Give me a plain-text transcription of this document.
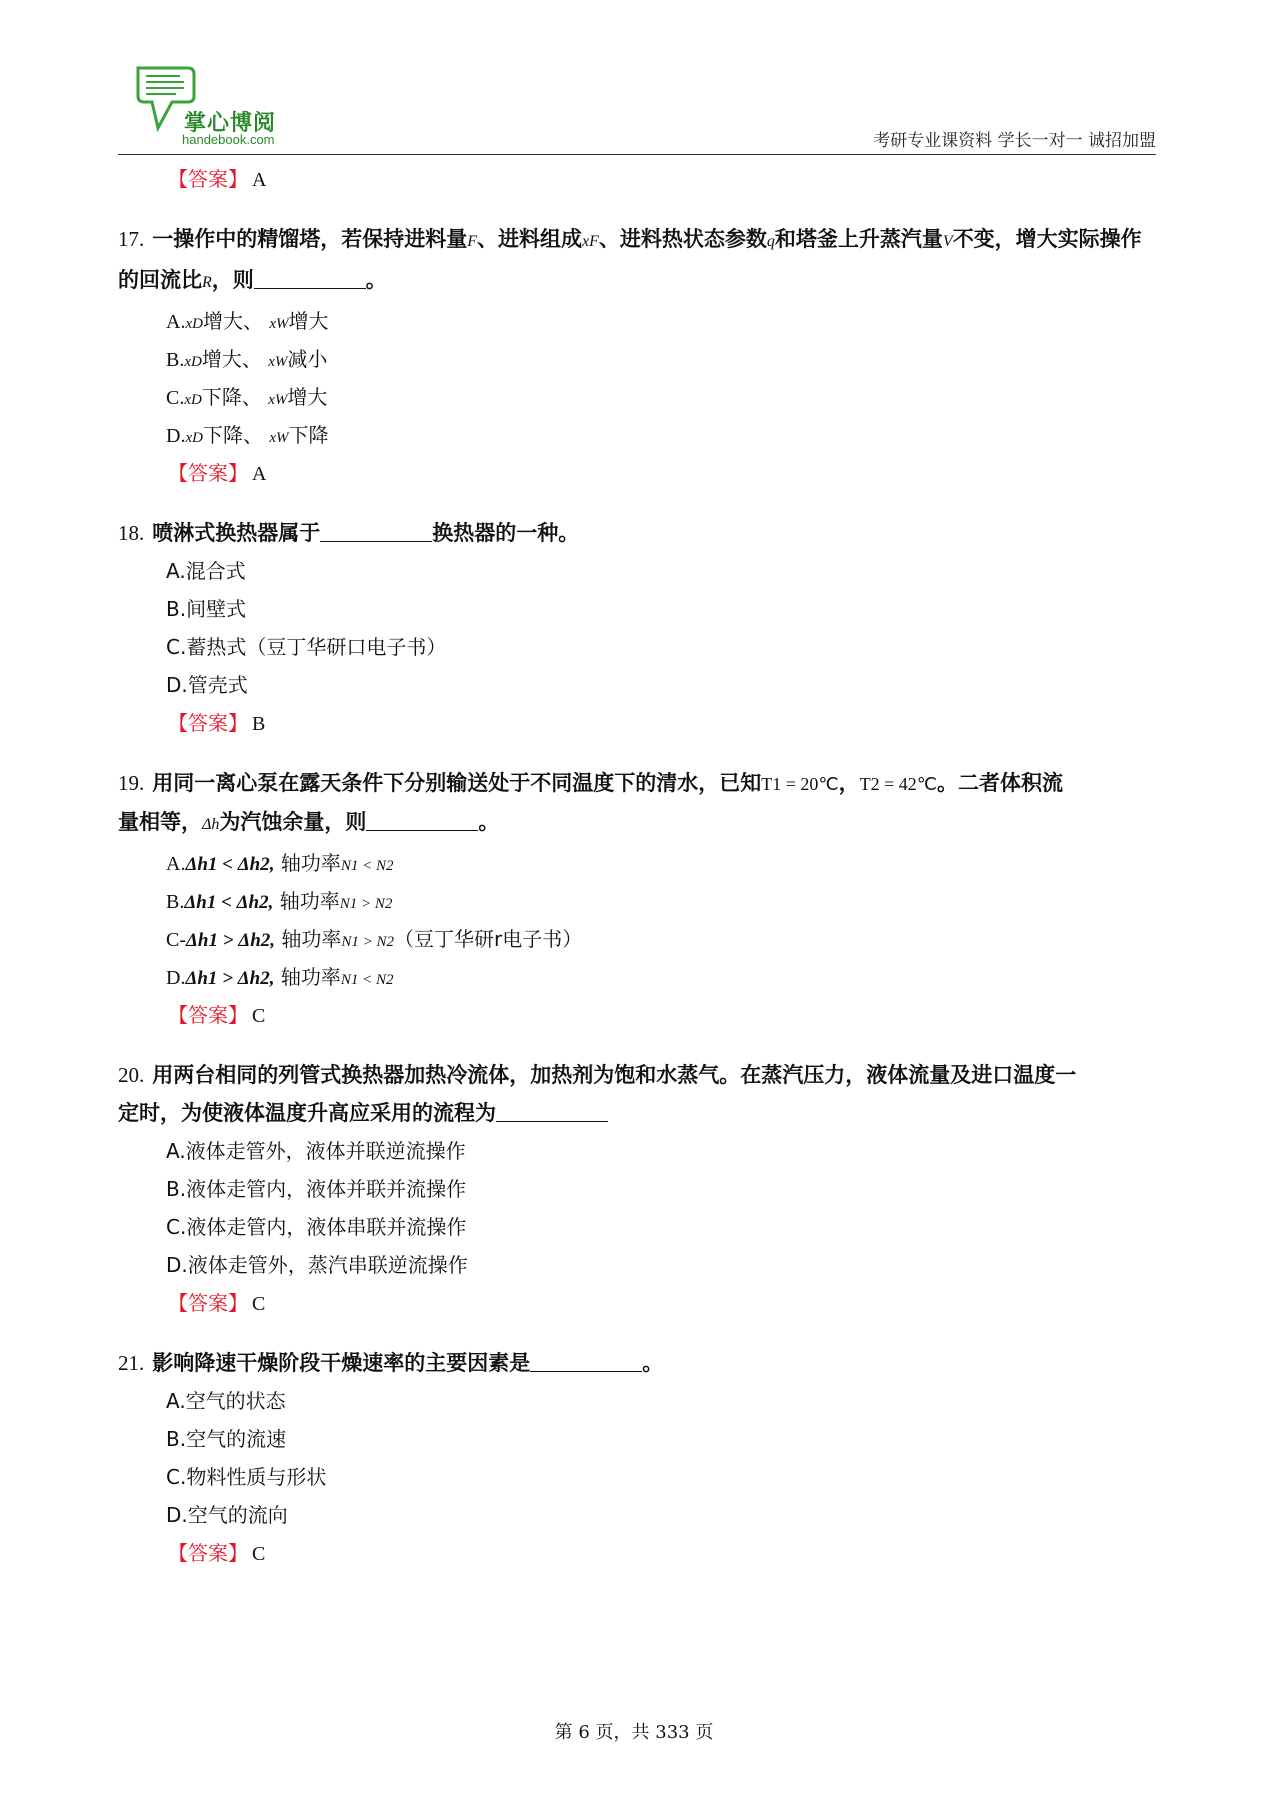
掌心博阅
handebook.com	考研专业课资料 学长一对一 诚招加盟
【答案】 A
17. 一操作中的精馏塔，若保持进料量F、进料组成xF、进料热状态参数q和塔釜上升蒸汽量V不变，增大实际操作的回流比R，则	。
A.xD增大、 xW增大
B.xD增大、 xW减小
C.xD下降、 xW增大
D.xD下降、 xW下降
【答案】 A
18. 喷淋式换热器属于	换热器的一种。
A.混合式
B.间壁式
C.蓄热式（豆丁华研口电子书）
D.管壳式
【答案】 B
19. 用同一离心泵在露天条件下分别输送处于不同温度下的清水，已知T1 = 20℃，T2 = 42℃。二者体积流
量相等，Δh为汽蚀余量，则	。
A.Δh1 < Δh2, 轴功率N1 < N2
B.Δh1 < Δh2, 轴功率N1 > N2
C-Δh1 > Δh2, 轴功率N1 > N2（豆丁华研r电子书）
D.Δh1 > Δh2, 轴功率N1 < N2
【答案】 C
20. 用两台相同的列管式换热器加热冷流体，加热剂为饱和水蒸气。在蒸汽压力，液体流量及进口温度一
定时，为使液体温度升高应采用的流程为
A.液体走管外，液体并联逆流操作
B.液体走管内，液体并联并流操作
C.液体走管内，液体串联并流操作
D.液体走管外，蒸汽串联逆流操作
【答案】 C
21. 影响降速干燥阶段干燥速率的主要因素是	。
A.空气的状态
B.空气的流速
C.物料性质与形状
D.空气的流向
【答案】 C
第 6 页，共 333 页
